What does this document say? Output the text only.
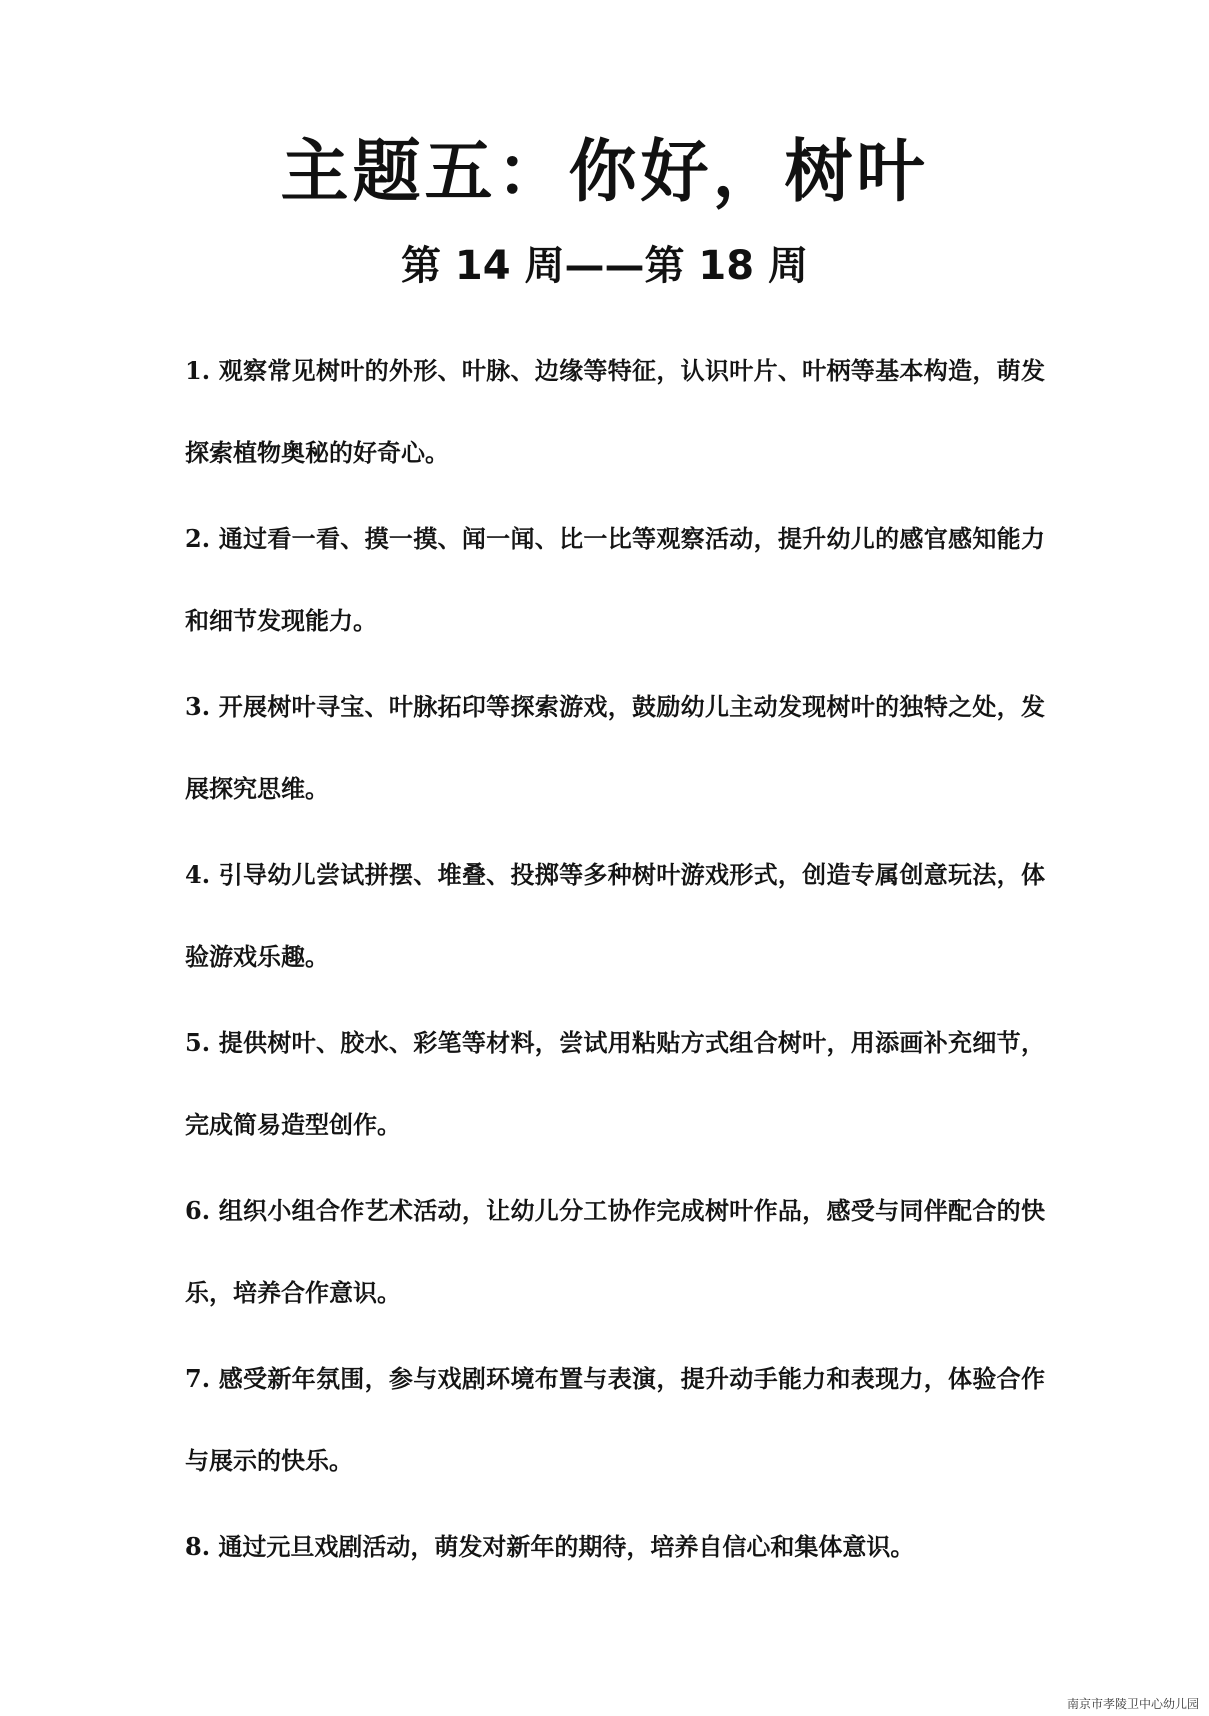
主题五：你好，树叶
第 14 周——第 18 周
1. 观察常见树叶的外形、叶脉、边缘等特征，认识叶片、叶柄等基本构造，萌发探索植物奥秘的好奇心。
2. 通过看一看、摸一摸、闻一闻、比一比等观察活动，提升幼儿的感官感知能力和细节发现能力。
3. 开展树叶寻宝、叶脉拓印等探索游戏，鼓励幼儿主动发现树叶的独特之处，发展探究思维。
4. 引导幼儿尝试拼摆、堆叠、投掷等多种树叶游戏形式，创造专属创意玩法，体验游戏乐趣。
5. 提供树叶、胶水、彩笔等材料，尝试用粘贴方式组合树叶，用添画补充细节，完成简易造型创作。
6. 组织小组合作艺术活动，让幼儿分工协作完成树叶作品，感受与同伴配合的快乐，培养合作意识。
7. 感受新年氛围，参与戏剧环境布置与表演，提升动手能力和表现力，体验合作与展示的快乐。
8. 通过元旦戏剧活动，萌发对新年的期待，培养自信心和集体意识。
南京市孝陵卫中心幼儿园
